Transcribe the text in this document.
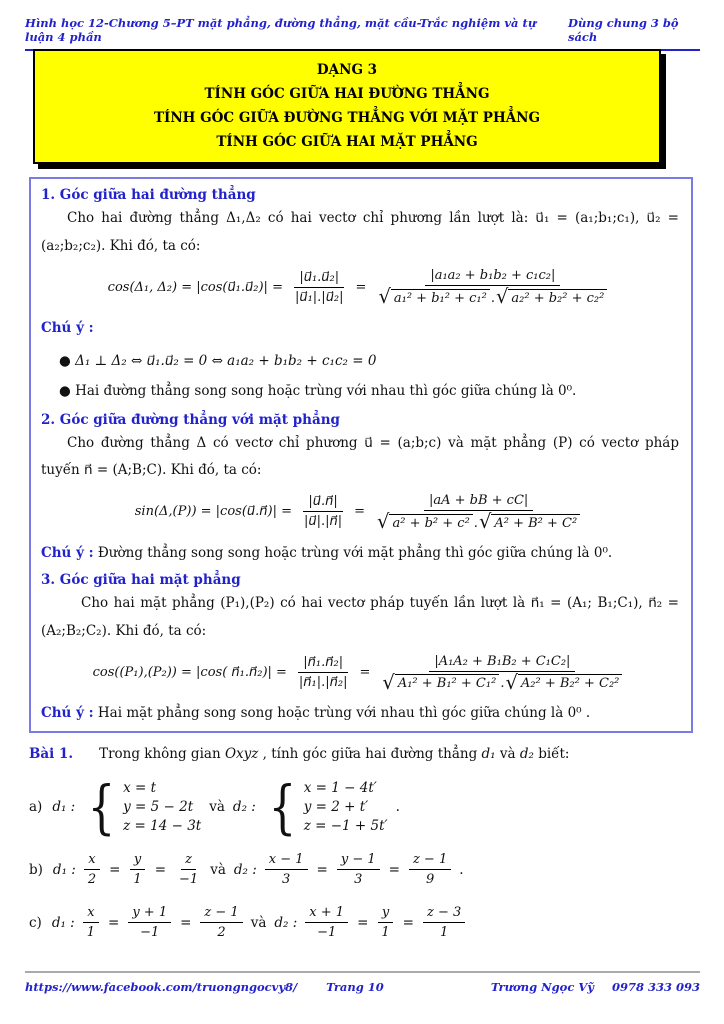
Hình học 12-Chương 5–PT mặt phẳng, đường thẳng, mặt cầu-Trắc nghiệm và tự luận 4 phần
Dùng chung 3 bộ sách
DẠNG 3
TÍNH GÓC GIỮA HAI ĐƯỜNG THẲNG
TÍNH GÓC GIỮA ĐƯỜNG THẲNG VỚI MẶT PHẲNG
TÍNH GÓC GIỮA HAI MẶT PHẲNG
1. Góc giữa hai đường thẳng

Cho hai đường thẳng Δ₁,Δ₂ có hai vectơ chỉ phương lần lượt là: u⃗₁ = (a₁;b₁;c₁), u⃗₂ = (a₂;b₂;c₂). Khi đó, ta có:

cos(Δ₁, Δ₂) = |cos(u⃗₁.u⃗₂)| = $\frac{\text{|u⃗₁.u⃗₂|}}{\text{|u⃗₁|.|u⃗₂|}} = \frac{\text{|a₁a₂ + b₁b₂ + c₁c₂|}}{\text{√ a₁² + b₁² + c₁² . √ a₂² + b₂² + c₂²}}$
Chú ý :
● Δ₁ ⊥ Δ₂ ⇔ u⃗₁.u⃗₂ = 0 ⇔ a₁a₂ + b₁b₂ + c₁c₂ = 0
● Hai đường thẳng song song hoặc trùng với nhau thì góc giữa chúng là 0⁰.
2. Góc giữa đường thẳng với mặt phẳng

Cho đường thẳng Δ có vectơ chỉ phương u⃗ = (a;b;c) và mặt phẳng (P) có vectơ pháp tuyến n⃗ = (A;B;C). Khi đó, ta có:

sin(Δ,(P)) = |cos(u⃗.n⃗)| = $\frac{|u⃗.n⃗|}{|u⃗|.|n⃗|} = \frac{|aA + bB + cC|}{\text{√ a² + b² + c² . √ A² + B² + C²}}$
Chú ý : Đường thẳng song song hoặc trùng với mặt phẳng thì góc giữa chúng là 0⁰.
3. Góc giữa hai mặt phẳng

Cho hai mặt phẳng (P₁),(P₂) có hai vectơ pháp tuyến lần lượt là n⃗₁ = (A₁; B₁;C₁), n⃗₂ = (A₂;B₂;C₂). Khi đó, ta có:

cos((P₁),(P₂)) = |cos( n⃗₁.n⃗₂)| = $\frac{\text{|n⃗₁.n⃗₂|}}{\text{|n⃗₁|.|n⃗₂|}} = \frac{\text{|A₁A₂ + B₁B₂ + C₁C₂|}}{\text{√ A₁² + B₁² + C₁² . √ A₂² + B₂² + C₂²}}$
Chú ý : Hai mặt phẳng song song hoặc trùng với nhau thì góc giữa chúng là 0⁰ .
Bài 1. Trong không gian Oxyz , tính góc giữa hai đường thẳng d₁ và d₂ biết:
a) d₁ : { x = t
y = 5 − 2t
z = 14 − 3t
và d₂ : { x = 1 − 4t′
y = 2 + t′
z = −1 + 5t′
.
b) d₁ : $\frac{x}{2} = \frac{y}{1} = \frac{z}{-1}$ và d₂ : $\frac{x - 1}{3} = \frac{y - 1}{3} = \frac{z - 1}{9}$ .
c) d₁ : $\frac{x}{1} = \frac{y + 1}{-1} = \frac{z - 1}{2}$ và d₂ : $\frac{x + 1}{-1} = \frac{y}{1} = \frac{z - 3}{1}$
https://www.facebook.com/truongngocvy8/	Trang 10	Trương Ngọc Vỹ 0978 333 093
